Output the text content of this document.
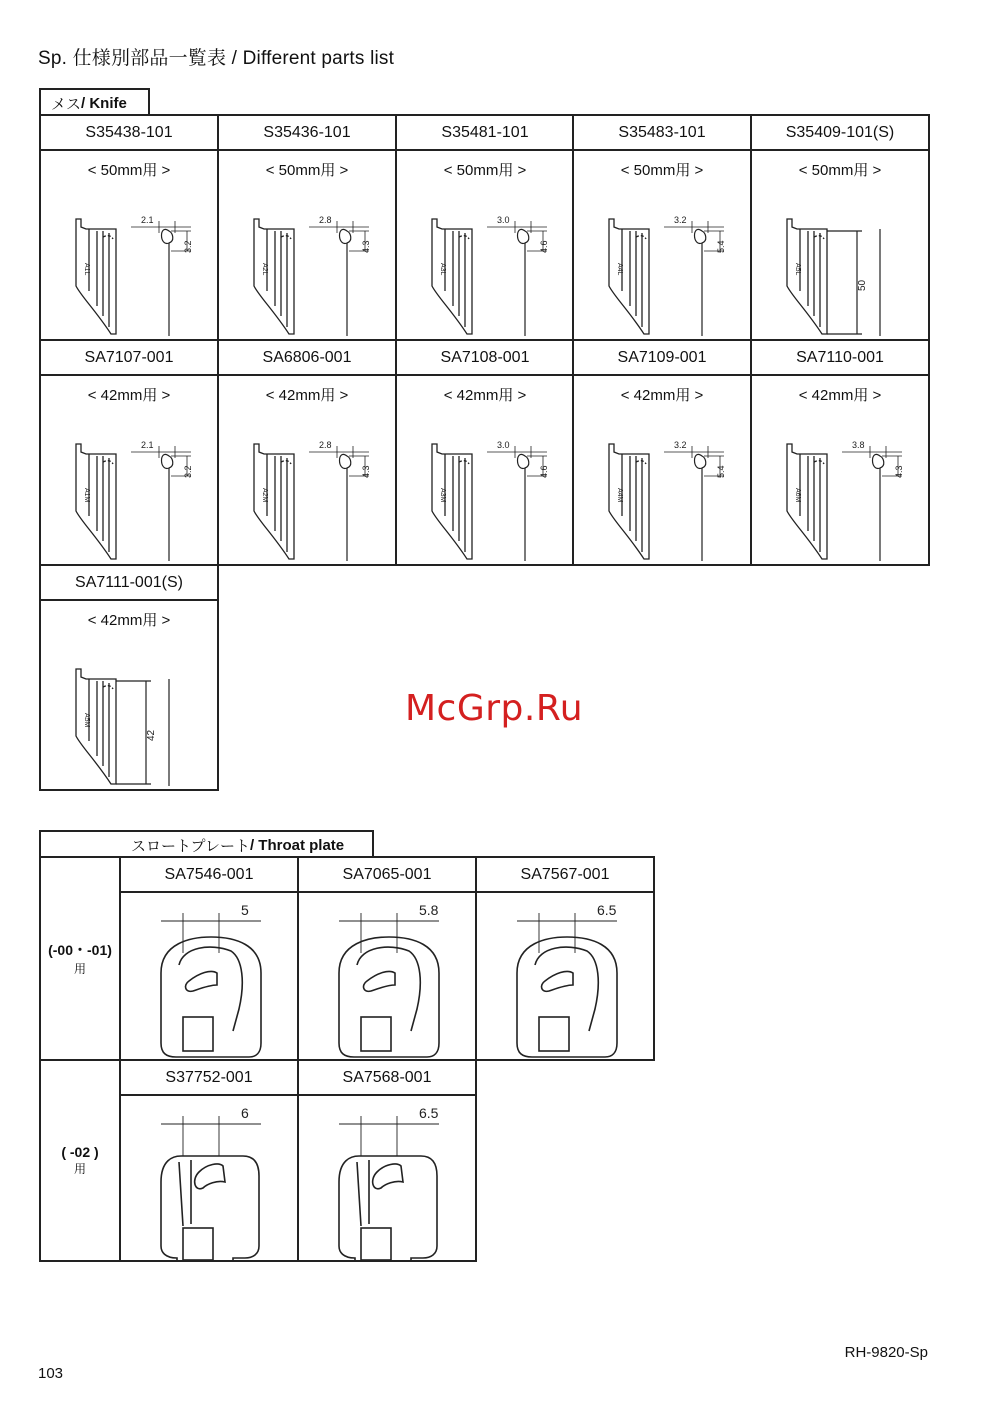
Sp. 仕様別部品一覧表 / Different parts list
メス / Knife
S35438-101
A1L
2.1
3.2
< 50mm用 >
S35436-101
A2L
2.8
4.3
< 50mm用 >
S35481-101
A3L
3.0
4.6
< 50mm用 >
S35483-101
A4L
3.2
5.4
< 50mm用 >
S35409-101(S)
A5L
50
< 50mm用 >
SA7107-001
A1M
2.1
3.2
< 42mm用 >
SA6806-001
A2M
2.8
4.3
< 42mm用 >
SA7108-001
A3M
3.0
4.6
< 42mm用 >
SA7109-001
A4M
3.2
5.4
< 42mm用 >
SA7110-001
A6M
3.8
4.3
< 42mm用 >
SA7111-001(S)
A5M
42
< 42mm用 >
スロートプレート / Throat plate
(-00・-01)
用
( -02 )
用
SA7546-001
5
SA7065-001
5.8
SA7567-001
6.5
S37752-001
6
SA7568-001
6.5
McGrp.Ru
RH-9820-Sp
103
